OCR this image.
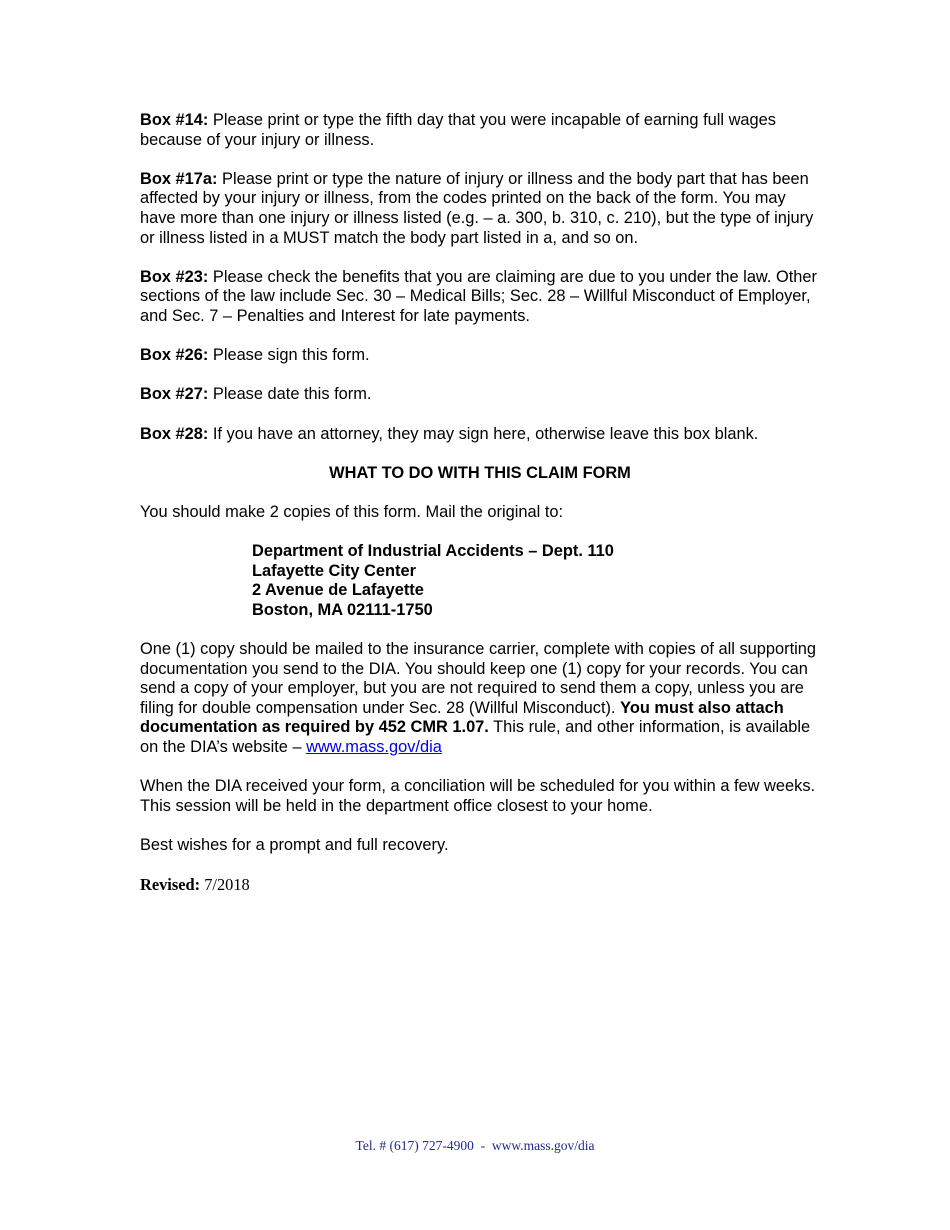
Box #14: Please print or type the fifth day that you were incapable of earning full wages because of your injury or illness.

Box #17a: Please print or type the nature of injury or illness and the body part that has been affected by your injury or illness, from the codes printed on the back of the form. You may have more than one injury or illness listed (e.g. – a. 300, b. 310, c. 210), but the type of injury or illness listed in a MUST match the body part listed in a, and so on.

Box #23: Please check the benefits that you are claiming are due to you under the law. Other sections of the law include Sec. 30 – Medical Bills; Sec. 28 – Willful Misconduct of Employer, and Sec. 7 – Penalties and Interest for late payments.

Box #26: Please sign this form.

Box #27: Please date this form.

Box #28: If you have an attorney, they may sign here, otherwise leave this box blank.

WHAT TO DO WITH THIS CLAIM FORM

You should make 2 copies of this form. Mail the original to:

Department of Industrial Accidents – Dept. 110
Lafayette City Center
2 Avenue de Lafayette
Boston, MA 02111-1750

One (1) copy should be mailed to the insurance carrier, complete with copies of all supporting documentation you send to the DIA. You should keep one (1) copy for your records. You can send a copy of your employer, but you are not required to send them a copy, unless you are filing for double compensation under Sec. 28 (Willful Misconduct). You must also attach documentation as required by 452 CMR 1.07. This rule, and other information, is available on the DIA’s website – www.mass.gov/dia

When the DIA received your form, a conciliation will be scheduled for you within a few weeks. This session will be held in the department office closest to your home.

Best wishes for a prompt and full recovery.

Revised: 7/2018

Tel. # (617) 727-4900  -  www.mass.gov/dia
